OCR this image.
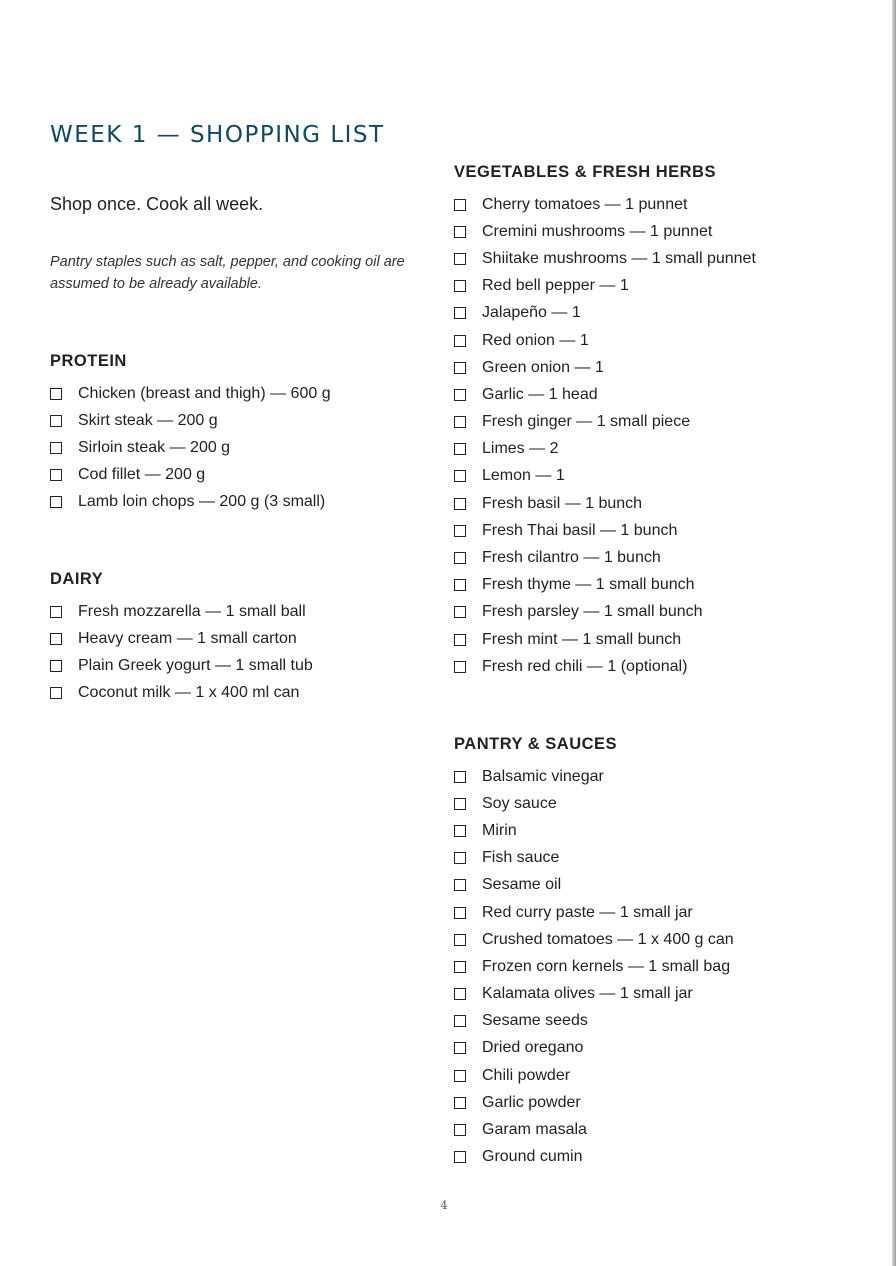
WEEK 1 — SHOPPING LIST

Shop once. Cook all week.

Pantry staples such as salt, pepper, and cooking oil are assumed to be already available.

PROTEIN
Chicken (breast and thigh) — 600 g
Skirt steak — 200 g
Sirloin steak — 200 g
Cod fillet — 200 g
Lamb loin chops — 200 g (3 small)
DAIRY
Fresh mozzarella — 1 small ball
Heavy cream — 1 small carton
Plain Greek yogurt — 1 small tub
Coconut milk — 1 x 400 ml can
VEGETABLES & FRESH HERBS
Cherry tomatoes — 1 punnet
Cremini mushrooms — 1 punnet
Shiitake mushrooms — 1 small punnet
Red bell pepper — 1
Jalapeño — 1
Red onion — 1
Green onion — 1
Garlic — 1 head
Fresh ginger — 1 small piece
Limes — 2
Lemon — 1
Fresh basil — 1 bunch
Fresh Thai basil — 1 bunch
Fresh cilantro — 1 bunch
Fresh thyme — 1 small bunch
Fresh parsley — 1 small bunch
Fresh mint — 1 small bunch
Fresh red chili — 1 (optional)
PANTRY & SAUCES
Balsamic vinegar
Soy sauce
Mirin
Fish sauce
Sesame oil
Red curry paste — 1 small jar
Crushed tomatoes — 1 x 400 g can
Frozen corn kernels — 1 small bag
Kalamata olives — 1 small jar
Sesame seeds
Dried oregano
Chili powder
Garlic powder
Garam masala
Ground cumin
4
